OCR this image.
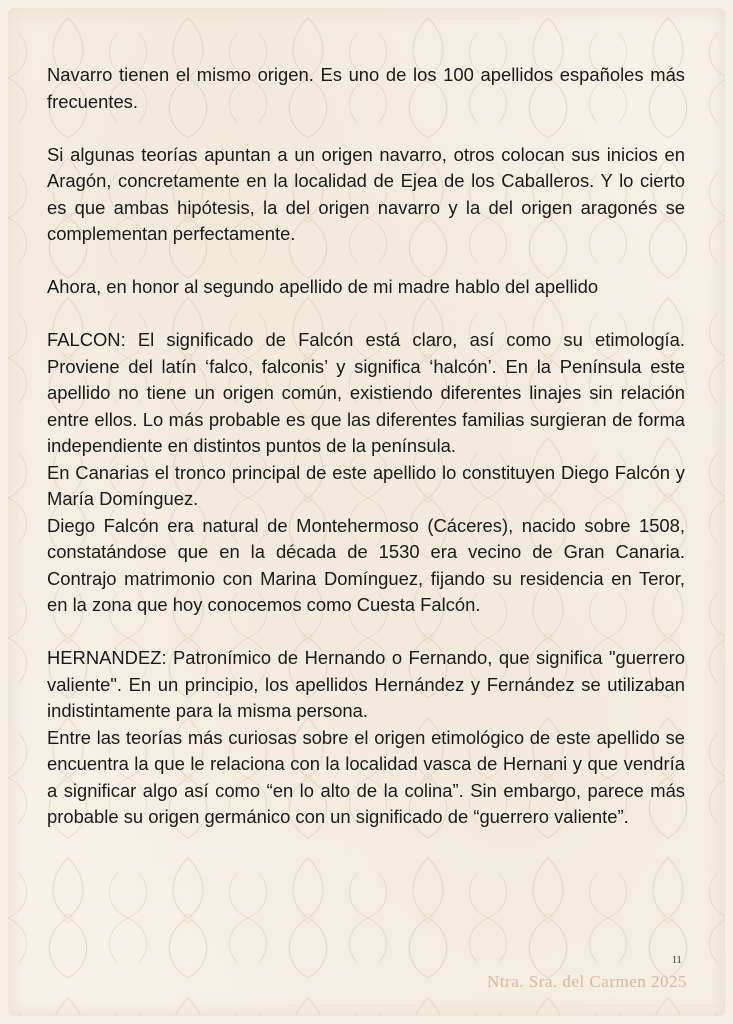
Navarro tienen el mismo origen. Es uno de los 100 apellidos españoles más frecuentes.

Si algunas teorías apuntan a un origen navarro, otros colocan sus inicios en Aragón, concretamente en la localidad de Ejea de los Caballeros. Y lo cierto es que ambas hipótesis, la del origen navarro y la del origen aragonés se complementan perfectamente.

Ahora, en honor al segundo apellido de mi madre hablo del apellido

FALCON: El significado de Falcón está claro, así como su etimología. Proviene del latín ‘falco, falconis’ y significa ‘halcón’. En la Península este apellido no tiene un origen común, existiendo diferentes linajes sin relación entre ellos. Lo más probable es que las diferentes familias surgieran de forma independiente en distintos puntos de la península.

En Canarias el tronco principal de este apellido lo constituyen Diego Falcón y María Domínguez.

Diego Falcón era natural de Montehermoso (Cáceres), nacido sobre 1508, constatándose que en la década de 1530 era vecino de Gran Canaria. Contrajo matrimonio con Marina Domínguez, fijando su residencia en Teror, en la zona que hoy conocemos como Cuesta Falcón.

HERNANDEZ: Patronímico de Hernando o Fernando, que significa "guerrero valiente". En un principio, los apellidos Hernández y Fernández se utilizaban indistintamente para la misma persona.

Entre las teorías más curiosas sobre el origen etimológico de este apellido se encuentra la que le relaciona con la localidad vasca de Hernani y que vendría a significar algo así como “en lo alto de la colina”. Sin embargo, parece más probable su origen germánico con un significado de “guerrero valiente”.

11
Ntra. Sra. del Carmen 2025
